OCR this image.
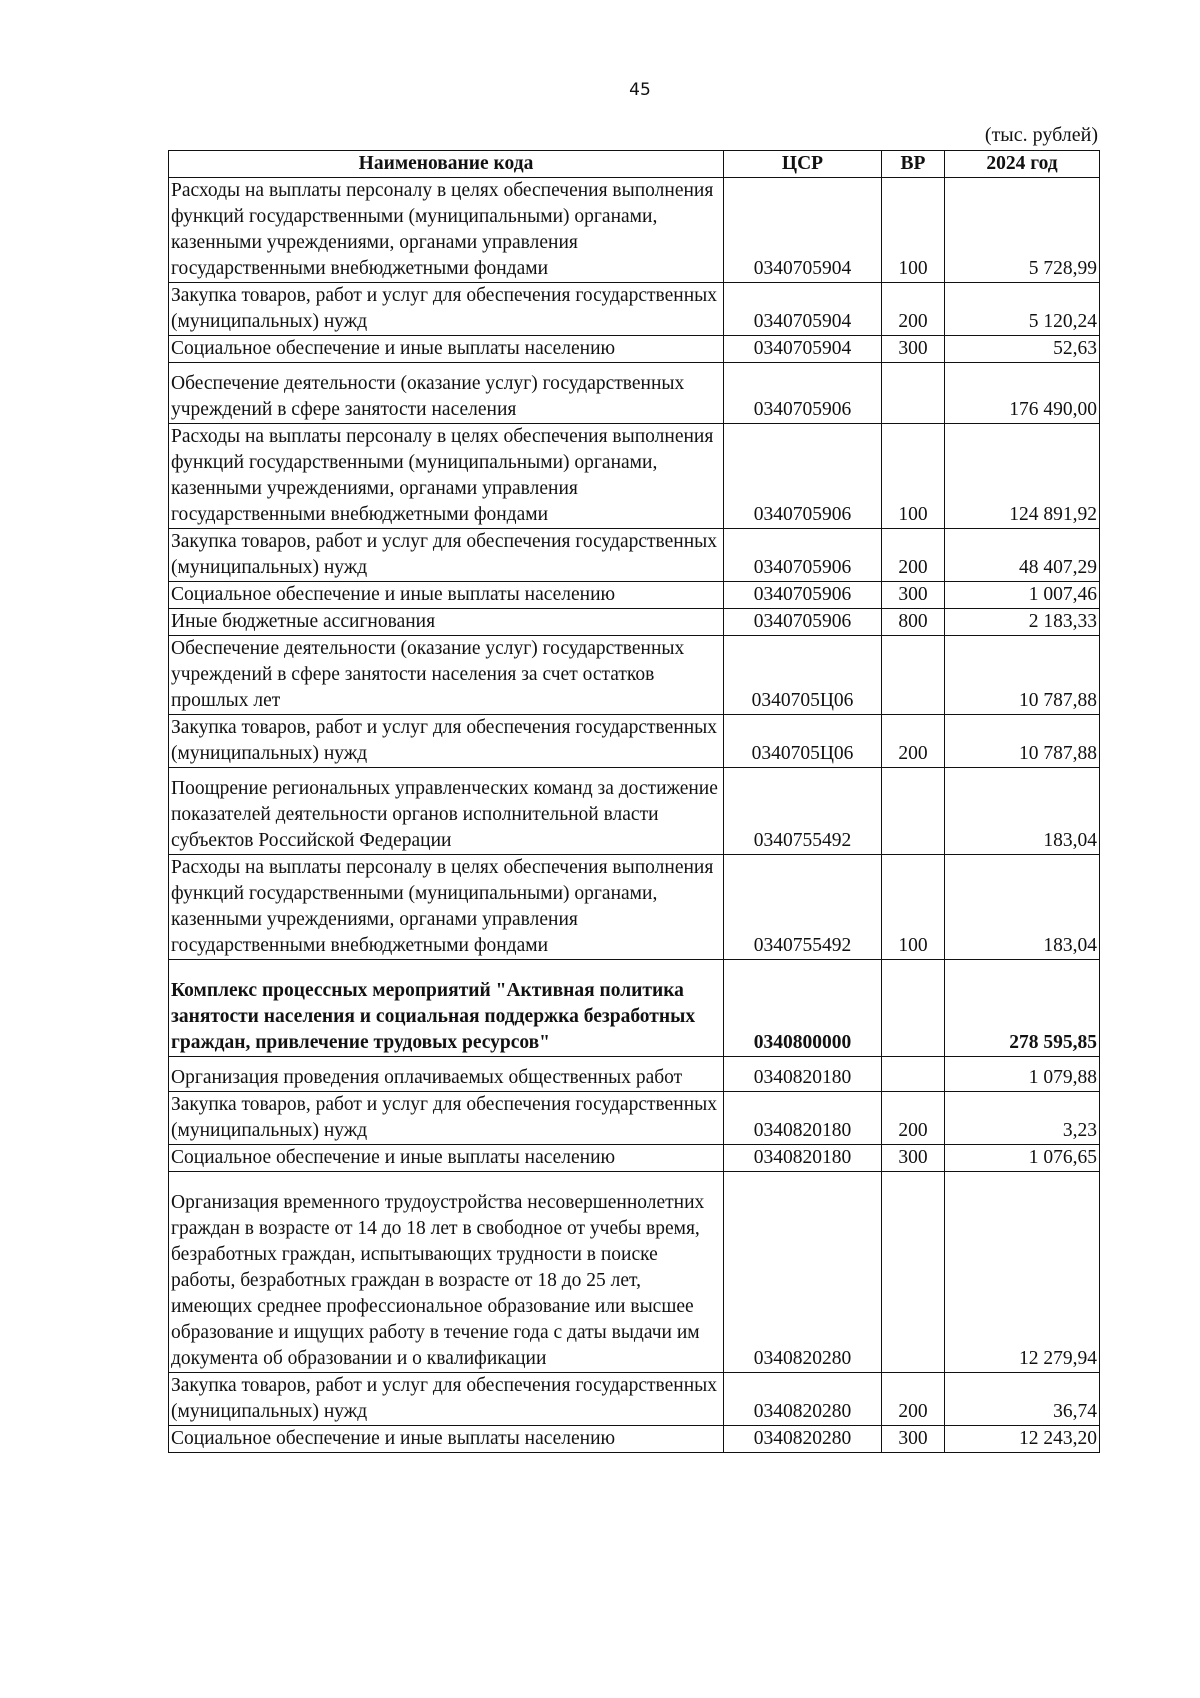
45
(тыс. рублей)
Наименование кода	ЦСР	ВР	2024 год
Расходы на выплаты персоналу в целях обеспечения выполнения функций государственными (муниципальными) органами, казенными учреждениями, органами управления государственными внебюджетными фондами	0340705904	100	5 728,99
Закупка товаров, работ и услуг для обеспечения государственных (муниципальных) нужд	0340705904	200	5 120,24
Социальное обеспечение и иные выплаты населению	0340705904	300	52,63
Обеспечение деятельности (оказание услуг) государственных учреждений в сфере занятости населения	0340705906		176 490,00
Расходы на выплаты персоналу в целях обеспечения выполнения функций государственными (муниципальными) органами, казенными учреждениями, органами управления государственными внебюджетными фондами	0340705906	100	124 891,92
Закупка товаров, работ и услуг для обеспечения государственных (муниципальных) нужд	0340705906	200	48 407,29
Социальное обеспечение и иные выплаты населению	0340705906	300	1 007,46
Иные бюджетные ассигнования	0340705906	800	2 183,33
Обеспечение деятельности (оказание услуг) государственных учреждений в сфере занятости населения за счет остатков прошлых лет	0340705Ц06		10 787,88
Закупка товаров, работ и услуг для обеспечения государственных (муниципальных) нужд	0340705Ц06	200	10 787,88
Поощрение региональных управленческих команд за достижение показателей деятельности органов исполнительной власти субъектов Российской Федерации	0340755492		183,04
Расходы на выплаты персоналу в целях обеспечения выполнения функций государственными (муниципальными) органами, казенными учреждениями, органами управления государственными внебюджетными фондами	0340755492	100	183,04
Комплекс процессных мероприятий "Активная политика занятости населения и социальная поддержка безработных граждан, привлечение трудовых ресурсов"	0340800000		278 595,85
Организация проведения оплачиваемых общественных работ	0340820180		1 079,88
Закупка товаров, работ и услуг для обеспечения государственных (муниципальных) нужд	0340820180	200	3,23
Социальное обеспечение и иные выплаты населению	0340820180	300	1 076,65
Организация временного трудоустройства несовершеннолетних граждан в возрасте от 14 до 18 лет в свободное от учебы время, безработных граждан, испытывающих трудности в поиске работы, безработных граждан в возрасте от 18 до 25 лет, имеющих среднее профессиональное образование или высшее образование и ищущих работу в течение года с даты выдачи им документа об образовании и о квалификации	0340820280		12 279,94
Закупка товаров, работ и услуг для обеспечения государственных (муниципальных) нужд	0340820280	200	36,74
Социальное обеспечение и иные выплаты населению	0340820280	300	12 243,20
